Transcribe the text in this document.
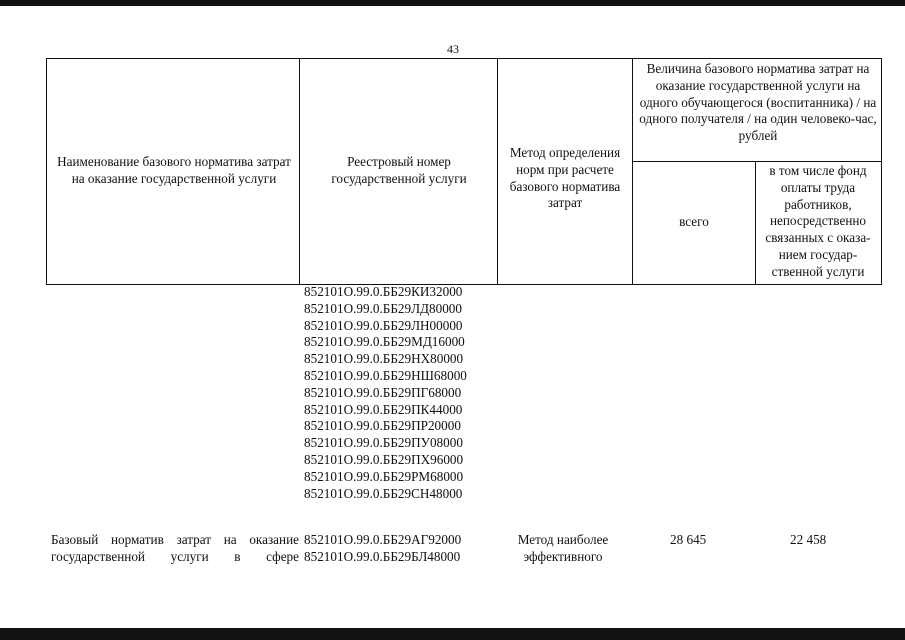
43
Наименование базового норматива затрат на оказание государственной услуги
Реестровый номер государственной услуги
Метод определения норм при расчете базового норматива затрат
Величина базового норматива затрат на оказание государственной услуги на одного обучающегося (воспитанника) / на одного получателя / на один человеко-час, рублей
всего
в том числе фонд оплаты труда работников, непосредственно связанных с оказа-нием государ-ственной услуги
852101О.99.0.ББ29КИ32000
852101О.99.0.ББ29ЛД80000
852101О.99.0.ББ29ЛН00000
852101О.99.0.ББ29МД16000
852101О.99.0.ББ29НХ80000
852101О.99.0.ББ29НШ68000
852101О.99.0.ББ29ПГ68000
852101О.99.0.ББ29ПК44000
852101О.99.0.ББ29ПР20000
852101О.99.0.ББ29ПУ08000
852101О.99.0.ББ29ПХ96000
852101О.99.0.ББ29РМ68000
852101О.99.0.ББ29СН48000
Базовый норматив затрат на оказание
государственной услуги в сфере
852101О.99.0.ББ29АГ92000
852101О.99.0.ББ29БЛ48000
Метод наиболее
эффективного
28 645	22 458
